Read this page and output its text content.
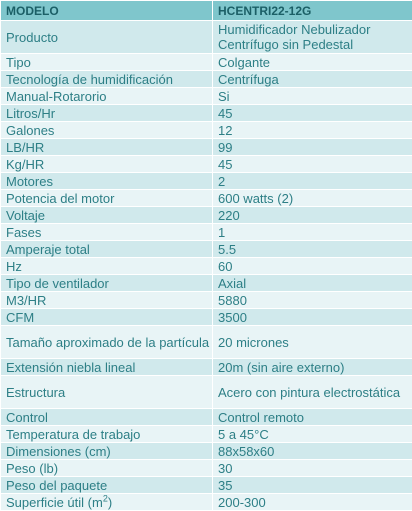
MODELO	HCENTRI22-12G
Producto	Humidificador Nebulizador Centrífugo sin Pedestal
Tipo	Colgante
Tecnología de humidificación	Centrífuga
Manual-Rotarorio	Si
Litros/Hr	45
Galones	12
LB/HR	99
Kg/HR	45
Motores	2
Potencia del motor	600 watts (2)
Voltaje	220
Fases	1
Amperaje total	5.5
Hz	60
Tipo de ventilador	Axial
M3/HR	5880
CFM	3500
Tamaño aproximado de la partícula	20 micrones
Extensión niebla lineal	20m (sin aire externo)
Estructura	Acero con pintura electrostática
Control	Control remoto
Temperatura de trabajo	5 a 45°C
Dimensiones (cm)	88x58x60
Peso (lb)	30
Peso del paquete	35
Superficie útil $(m^2)$	200-300
